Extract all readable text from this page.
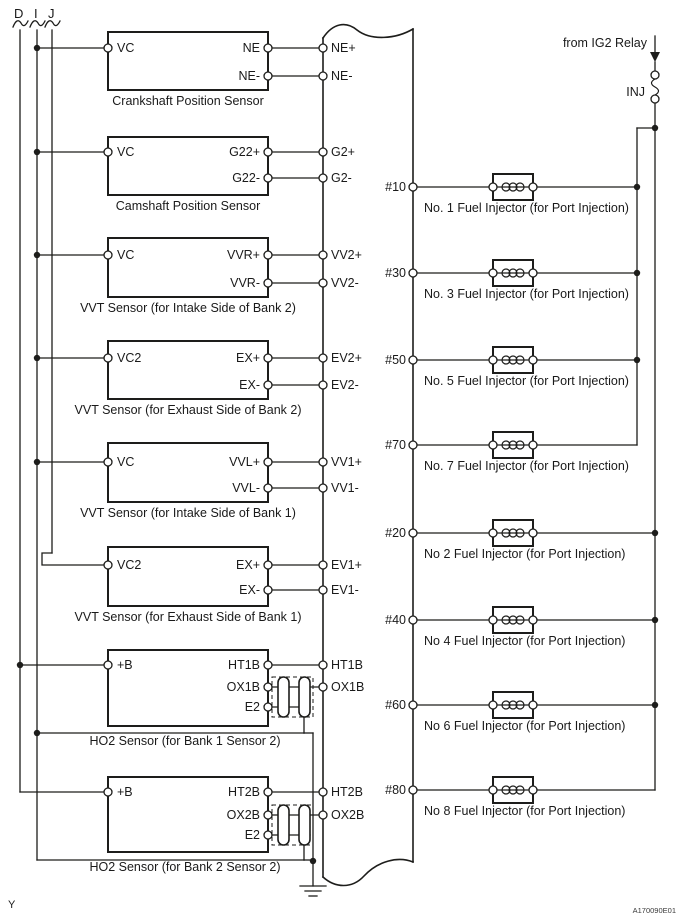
D I J
VC	NE
NE-
Crankshaft Position Sensor
NE+
NE-
VC	G22+
G22-
Camshaft Position Sensor
G2+
G2-
VC	VVR+
VVR-
VVT Sensor (for Intake Side of Bank 2)
VV2+
VV2-
VC2	EX+
EX-
VVT Sensor (for Exhaust Side of Bank 2)
EV2+
EV2-
VC	VVL+
VVL-
VVT Sensor (for Intake Side of Bank 1)
VV1+
VV1-
VC2	EX+
EX-
VVT Sensor (for Exhaust Side of Bank 1)
EV1+
EV1-
+B	HT1B
OX1B
E2
HO2 Sensor (for Bank 1 Sensor 2)
HT1B
OX1B
+B	HT2B
OX2B
E2
HO2 Sensor (for Bank 2 Sensor 2)
HT2B
OX2B
#10
No. 1 Fuel Injector (for Port Injection)
#30
No. 3 Fuel Injector (for Port Injection)
#50
No. 5 Fuel Injector (for Port Injection)
#70
No. 7 Fuel Injector (for Port Injection)
#20
No 2 Fuel Injector (for Port Injection)
#40
No 4 Fuel Injector (for Port Injection)
#60
No 6 Fuel Injector (for Port Injection)
#80
No 8 Fuel Injector (for Port Injection)
from IG2 Relay
INJ
Y	A170090E01
